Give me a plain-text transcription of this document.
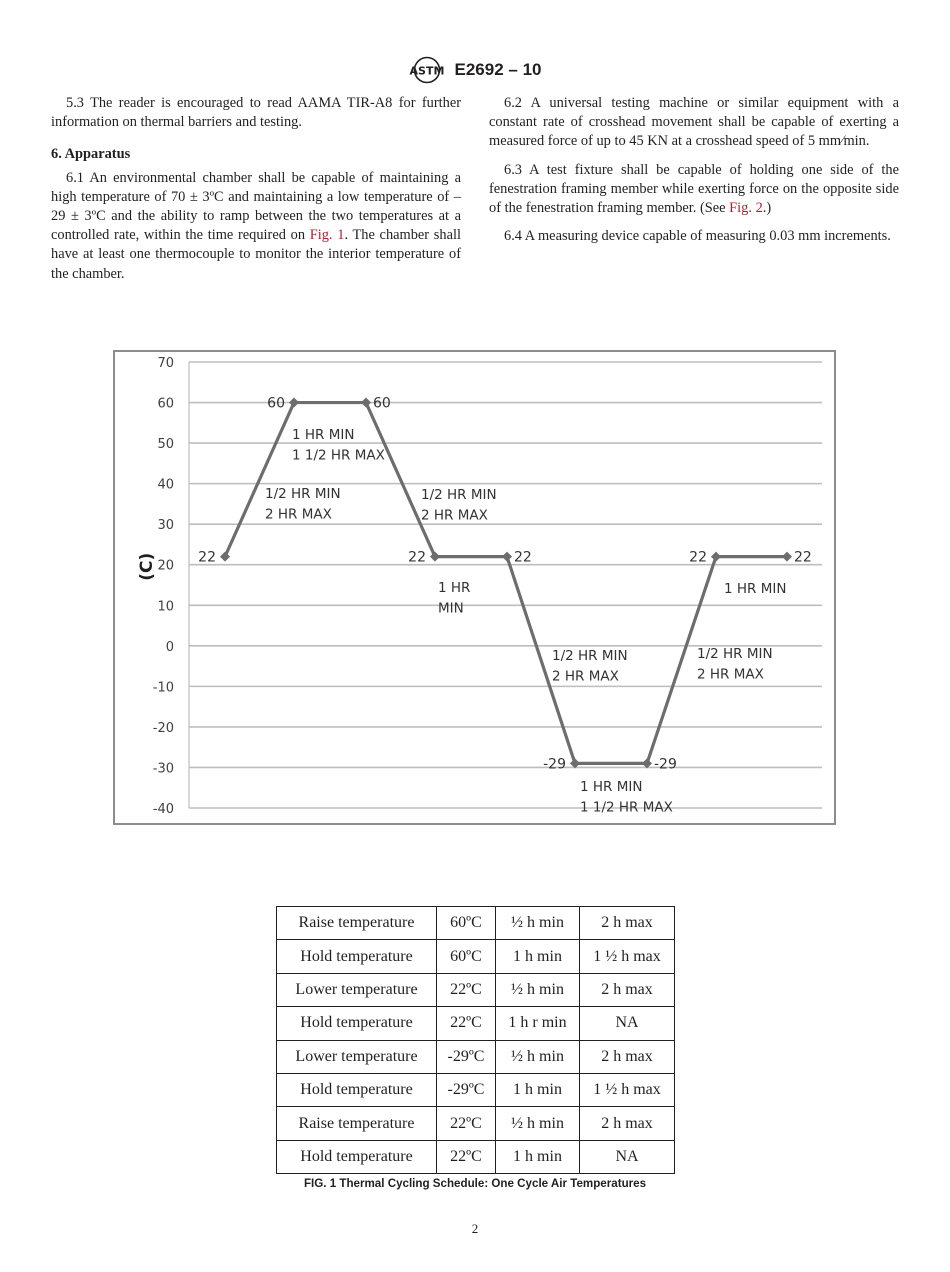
ASTM E2692 – 10

5.3 The reader is encouraged to read AAMA TIR-A8 for further information on thermal barriers and testing.

6. Apparatus

6.1 An environmental chamber shall be capable of maintaining a high temperature of 70 ± 3ºC and maintaining a low temperature of –29 ± 3ºC and the ability to ramp between the two temperatures at a controlled rate, within the time required on Fig. 1. The chamber shall have at least one thermocouple to monitor the interior temperature of the chamber.

6.2 A universal testing machine or similar equipment with a constant rate of crosshead movement shall be capable of exerting a measured force of up to 45 KN at a crosshead speed of 5 mm⁄min.

6.3 A test fixture shall be capable of holding one side of the fenestration framing member while exerting force on the opposite side of the fenestration framing member. (See Fig. 2.)

6.4 A measuring device capable of measuring 0.03 mm increments.

70
60
50
40
30
20
10
0
-10
-20
-30
-40
(C)	22
60	60
22	22
-29	-29
22	22
1/2 HR MIN
2 HR MAX
1 HR MIN
1 1/2 HR MAX
1/2 HR MIN
2 HR MAX
1 HR
MIN
1/2 HR MIN
2 HR MAX
1 HR MIN
1 1/2 HR MAX
1/2 HR MIN
2 HR MAX
1 HR MIN
Raise temperature	60ºC	½ h min	2 h max
Hold temperature	60ºC	1 h min	1 ½ h max
Lower temperature	22ºC	½ h min	2 h max
Hold temperature	22ºC	1 h r min	NA
Lower temperature	-29ºC	½ h min	2 h max
Hold temperature	-29ºC	1 h min	1 ½ h max
Raise temperature	22ºC	½ h min	2 h max
Hold temperature	22ºC	1 h min	NA
FIG. 1 Thermal Cycling Schedule: One Cycle Air Temperatures
2
